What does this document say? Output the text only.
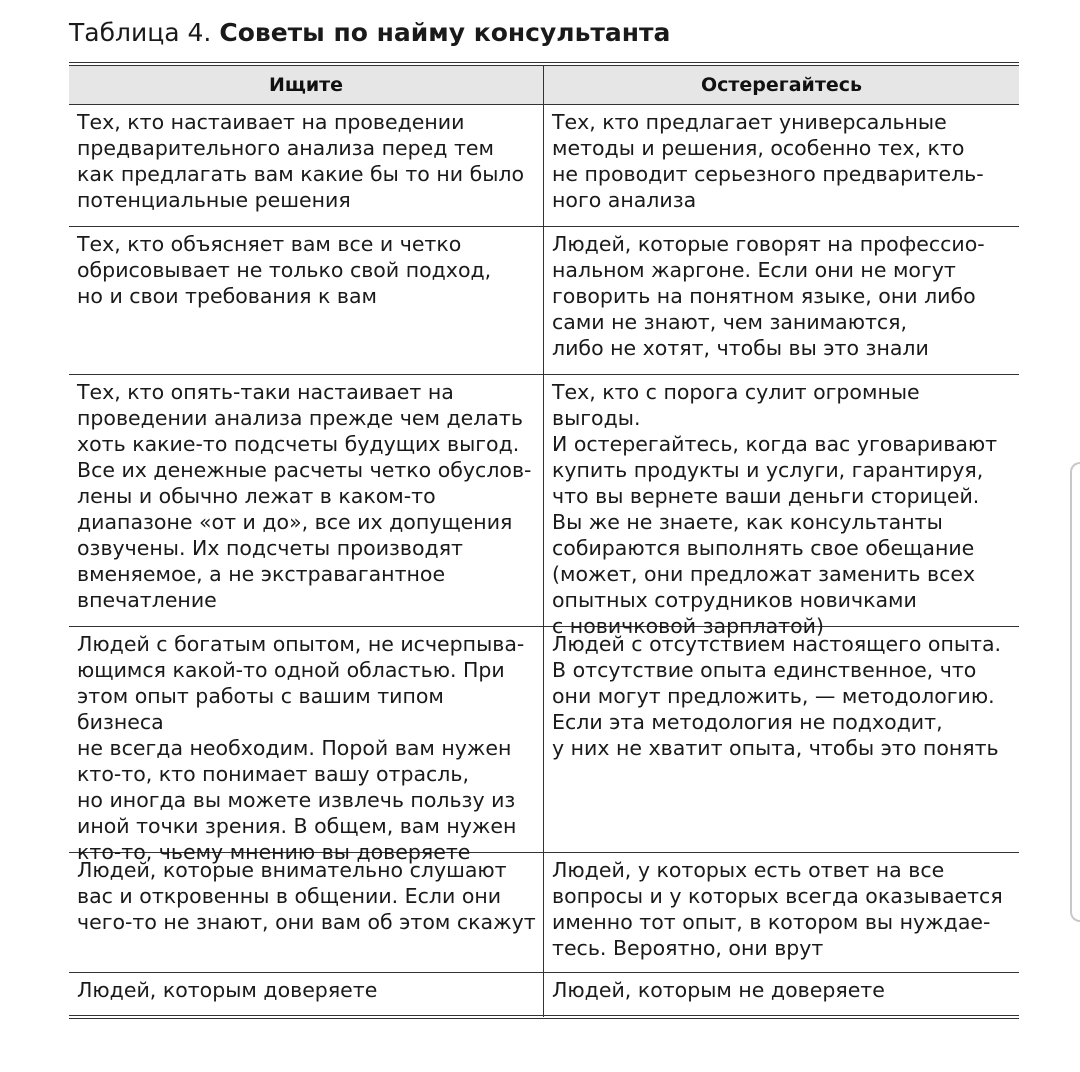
Таблица 4. Советы по найму консультанта
Ищите	Остерегайтесь
Тех, кто настаивает на проведении
предварительного анализа перед тем
как предлагать вам какие бы то ни было
потенциальные решения
Тех, кто предлагает универсальные
методы и решения, особенно тех, кто
не проводит серьезного предваритель-
ного анализа
Тех, кто объясняет вам все и четко
обрисовывает не только свой подход,
но и свои требования к вам
Людей, которые говорят на профессио-
нальном жаргоне. Если они не могут
говорить на понятном языке, они либо
сами не знают, чем занимаются,
либо не хотят, чтобы вы это знали
Тех, кто опять-таки настаивает на
проведении анализа прежде чем делать
хоть какие-то подсчеты будущих выгод.
Все их денежные расчеты четко обуслов-
лены и обычно лежат в каком-то
диапазоне «от и до», все их допущения
озвучены. Их подсчеты производят
вменяемое, а не экстравагантное
впечатление
Тех, кто с порога сулит огромные выгоды.
И остерегайтесь, когда вас уговаривают
купить продукты и услуги, гарантируя,
что вы вернете ваши деньги сторицей.
Вы же не знаете, как консультанты
собираются выполнять свое обещание
(может, они предложат заменить всех
опытных сотрудников новичками
с новичковой зарплатой)
Людей с богатым опытом, не исчерпыва-
ющимся какой-то одной областью. При
этом опыт работы с вашим типом бизнеса
не всегда необходим. Порой вам нужен
кто-то, кто понимает вашу отрасль,
но иногда вы можете извлечь пользу из
иной точки зрения. В общем, вам нужен
кто-то, чьему мнению вы доверяете
Людей с отсутствием настоящего опыта.
В отсутствие опыта единственное, что
они могут предложить, — методологию.
Если эта методология не подходит,
у них не хватит опыта, чтобы это понять
Людей, которые внимательно слушают
вас и откровенны в общении. Если они
чего-то не знают, они вам об этом скажут
Людей, у которых есть ответ на все
вопросы и у которых всегда оказывается
именно тот опыт, в котором вы нуждае-
тесь. Вероятно, они врут
Людей, которым доверяете	Людей, которым не доверяете
